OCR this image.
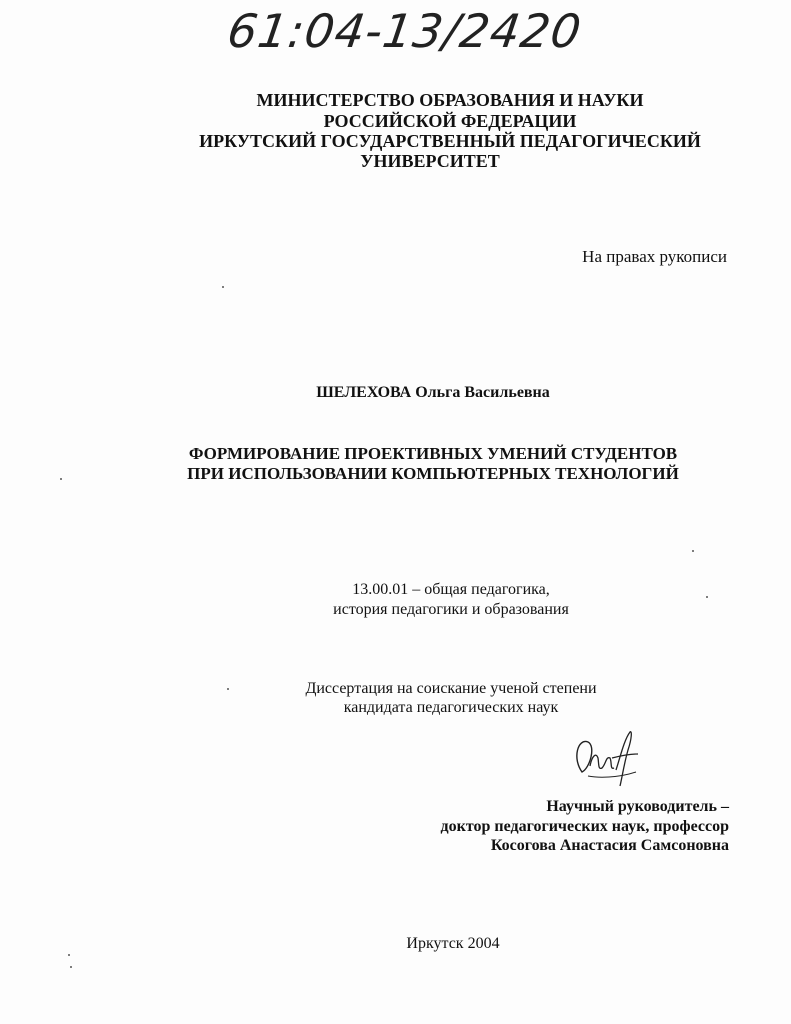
61:04-13/2420
МИНИСТЕРСТВО ОБРАЗОВАНИЯ И НАУКИ
РОССИЙСКОЙ ФЕДЕРАЦИИ
ИРКУТСКИЙ ГОСУДАРСТВЕННЫЙ ПЕДАГОГИЧЕСКИЙ
УНИВЕРСИТЕТ
На правах рукописи
ШЕЛЕХОВА Ольга Васильевна
ФОРМИРОВАНИЕ ПРОЕКТИВНЫХ УМЕНИЙ СТУДЕНТОВ
ПРИ ИСПОЛЬЗОВАНИИ КОМПЬЮТЕРНЫХ ТЕХНОЛОГИЙ
13.00.01 – общая педагогика,
история педагогики и образования
Диссертация на соискание ученой степени
кандидата педагогических наук
Научный руководитель –
доктор педагогических наук, профессор
Косогова Анастасия Самсоновна
Иркутск 2004
